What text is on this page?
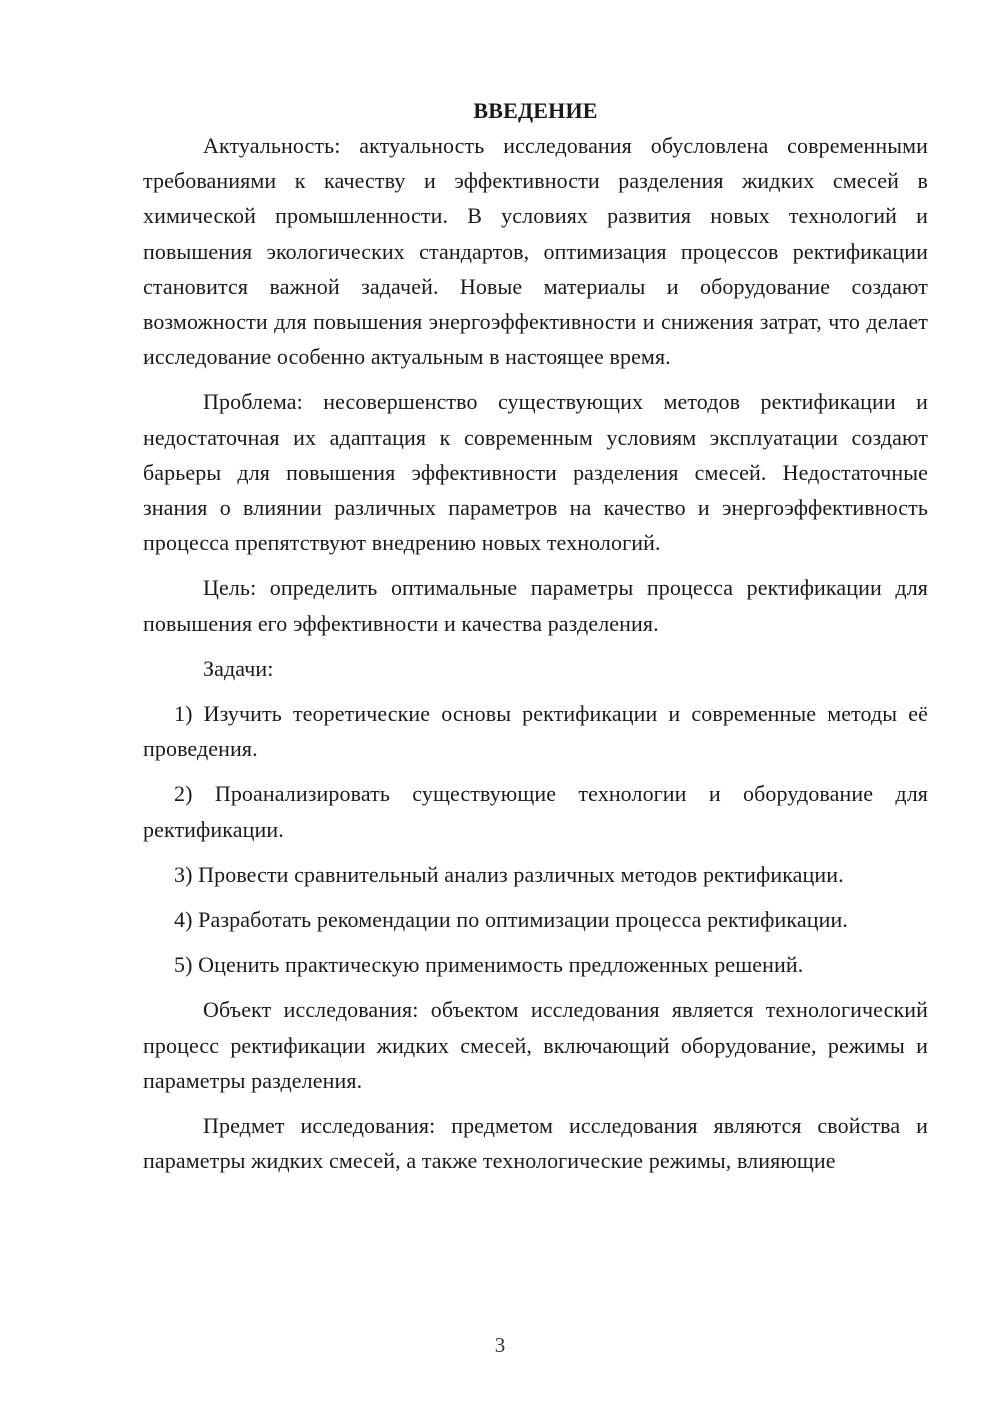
ВВЕДЕНИЕ

Актуальность: актуальность исследования обусловлена современными требованиями к качеству и эффективности разделения жидких смесей в химической промышленности. В условиях развития новых технологий и повышения экологических стандартов, оптимизация процессов ректификации становится важной задачей. Новые материалы и оборудование создают возможности для повышения энергоэффективности и снижения затрат, что делает исследование особенно актуальным в настоящее время.

Проблема: несовершенство существующих методов ректификации и недостаточная их адаптация к современным условиям эксплуатации создают барьеры для повышения эффективности разделения смесей. Недостаточные знания о влиянии различных параметров на качество и энергоэффективность процесса препятствуют внедрению новых технологий.

Цель: определить оптимальные параметры процесса ректификации для повышения его эффективности и качества разделения.

Задачи:

1) Изучить теоретические основы ректификации и современные методы её проведения.

2) Проанализировать существующие технологии и оборудование для ректификации.

3) Провести сравнительный анализ различных методов ректификации.

4) Разработать рекомендации по оптимизации процесса ректификации.

5) Оценить практическую применимость предложенных решений.

Объект исследования: объектом исследования является технологический процесс ректификации жидких смесей, включающий оборудование, режимы и параметры разделения.

Предмет исследования: предметом исследования являются свойства и параметры жидких смесей, а также технологические режимы, влияющие

3
